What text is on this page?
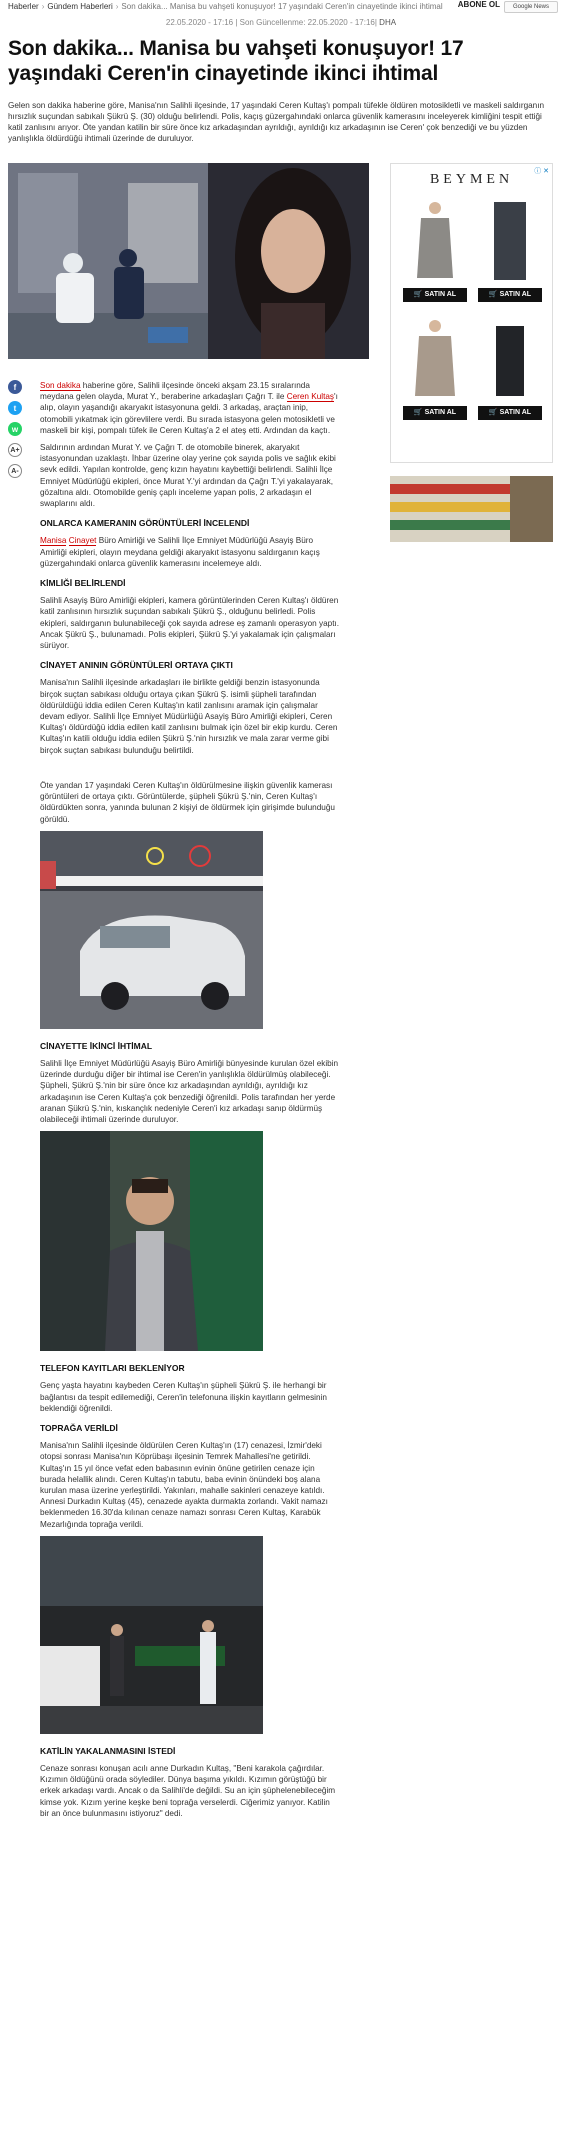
Haberler › Gündem Haberleri › Son dakika... Manisa bu vahşeti konuşuyor! 17 yaşındaki Ceren'in cinayetinde ikinci ihtimal	ABONE OL	Google News
22.05.2020 - 17:16 | Son Güncellenme: 22.05.2020 - 17:16| DHA
Son dakika... Manisa bu vahşeti konuşuyor! 17 yaşındaki Ceren'in cinayetinde ikinci ihtimal

Gelen son dakika haberine göre, Manisa'nın Salihli ilçesinde, 17 yaşındaki Ceren Kultaş'ı pompalı tüfekle öldüren motosikletli ve maskeli saldırganın hırsızlık suçundan sabıkalı Şükrü Ş. (30) olduğu belirlendi. Polis, kaçış güzergahındaki onlarca güvenlik kamerasını inceleyerek kimliğini tespit ettiği katil zanlısını arıyor. Öte yandan katilin bir süre önce kız arkadaşından ayrıldığı, ayrıldığı kız arkadaşının ise Ceren' çok benzediği ve bu yüzden yanlışlıkla öldürdüğü ihtimali üzerinde de duruluyor.

f
t
w
A+
A-

Son dakika haberine göre, Salihli ilçesinde önceki akşam 23.15 sıralarında meydana gelen olayda, Murat Y., beraberine arkadaşları Çağrı T. ile Ceren Kultaş'ı alıp, olayın yaşandığı akaryakıt istasyonuna geldi. 3 arkadaş, araçtan inip, otomobili yıkatmak için görevlilere verdi. Bu sırada istasyona gelen motosikletli ve maskeli bir kişi, pompalı tüfek ile Ceren Kultaş'a 2 el ateş etti. Ardından da kaçtı.

Saldırının ardından Murat Y. ve Çağrı T. de otomobile binerek, akaryakıt istasyonundan uzaklaştı. İhbar üzerine olay yerine çok sayıda polis ve sağlık ekibi sevk edildi. Yapılan kontrolde, genç kızın hayatını kaybettiği belirlendi. Salihli İlçe Emniyet Müdürlüğü ekipleri, önce Murat Y.'yi ardından da Çağrı T.'yi yakalayarak, gözaltına aldı. Otomobilde geniş çaplı inceleme yapan polis, 2 arkadaşın el swaplarını aldı.

ONLARCA KAMERANIN GÖRÜNTÜLERİ İNCELENDİ

Manisa Cinayet Büro Amirliği ve Salihli İlçe Emniyet Müdürlüğü Asayiş Büro Amirliği ekipleri, olayın meydana geldiği akaryakıt istasyonu saldırganın kaçış güzergahındaki onlarca güvenlik kamerasını incelemeye aldı.

KİMLİĞİ BELİRLENDİ

Salihli Asayiş Büro Amirliği ekipleri, kamera görüntülerinden Ceren Kultaş'ı öldüren katil zanlısının hırsızlık suçundan sabıkalı Şükrü Ş., olduğunu belirledi. Polis ekipleri, saldırganın bulunabileceği çok sayıda adrese eş zamanlı operasyon yaptı. Ancak Şükrü Ş., bulunamadı. Polis ekipleri, Şükrü Ş.'yi yakalamak için çalışmaları sürüyor.

CİNAYET ANININ GÖRÜNTÜLERİ ORTAYA ÇIKTI

Manisa'nın Salihli ilçesinde arkadaşları ile birlikte geldiği benzin istasyonunda birçok suçtan sabıkası olduğu ortaya çıkan Şükrü Ş. isimli şüpheli tarafından öldürüldüğü iddia edilen Ceren Kultaş'ın katil zanlısını aramak için çalışmalar devam ediyor. Salihli İlçe Emniyet Müdürlüğü Asayiş Büro Amirliği ekipleri, Ceren Kultaş'ı öldürdüğü iddia edilen katil zanlısını bulmak için özel bir ekip kurdu. Ceren Kultaş'ın katili olduğu iddia edilen Şükrü Ş.'nin hırsızlık ve mala zarar verme gibi birçok suçtan sabıkası bulunduğu belirtildi.

Öte yandan 17 yaşındaki Ceren Kultaş'ın öldürülmesine ilişkin güvenlik kamerası görüntüleri de ortaya çıktı. Görüntülerde, şüpheli Şükrü Ş.'nin, Ceren Kultaş'ı öldürdükten sonra, yanında bulunan 2 kişiyi de öldürmek için girişimde bulunduğu görüldü.

CİNAYETTE İKİNCİ İHTİMAL

Salihli İlçe Emniyet Müdürlüğü Asayiş Büro Amirliği bünyesinde kurulan özel ekibin üzerinde durduğu diğer bir ihtimal ise Ceren'in yanlışlıkla öldürülmüş olabileceği. Şüpheli, Şükrü Ş.'nin bir süre önce kız arkadaşından ayrıldığı, ayrıldığı kız arkadaşının ise Ceren Kultaş'a çok benzediği öğrenildi. Polis tarafından her yerde aranan Şükrü Ş.'nin, kıskançlık nedeniyle Ceren'i kız arkadaşı sanıp öldürmüş olabileceği ihtimali üzerinde duruluyor.

TELEFON KAYITLARI BEKLENİYOR

Genç yaşta hayatını kaybeden Ceren Kultaş'ın şüpheli Şükrü Ş. ile herhangi bir bağlantısı da tespit edilemediği, Ceren'in telefonuna ilişkin kayıtların gelmesinin beklendiği öğrenildi.

TOPRAĞA VERİLDİ

Manisa'nın Salihli ilçesinde öldürülen Ceren Kultaş'ın (17) cenazesi, İzmir'deki otopsi sonrası Manisa'nın Köprübaşı ilçesinin Temrek Mahallesi'ne getirildi. Kultaş'ın 15 yıl önce vefat eden babasının evinin önüne getirilen cenaze için burada helallik alındı. Ceren Kultaş'ın tabutu, baba evinin önündeki boş alana kurulan masa üzerine yerleştirildi. Yakınları, mahalle sakinleri cenazeye katıldı. Annesi Durkadın Kultaş (45), cenazede ayakta durmakta zorlandı. Vakit namazı beklenmeden 16.30'da kılınan cenaze namazı sonrası Ceren Kultaş, Karabük Mezarlığında toprağa verildi.

KATİLİN YAKALANMASINI İSTEDİ

Cenaze sonrası konuşan acılı anne Durkadın Kultaş, "Beni karakola çağırdılar. Kızımın öldüğünü orada söylediler. Dünya başıma yıkıldı. Kızımın görüştüğü bir erkek arkadaşı vardı. Ancak o da Salihli'de değildi. Su an için şüphelenebileceğim kimse yok. Kızım yerine keşke beni toprağa verselerdi. Ciğerimiz yanıyor. Katilin bir an önce bulunmasını istiyoruz" dedi.

ⓘ ✕
BEYMEN
🛒 SATIN AL	🛒 SATIN AL
🛒 SATIN AL	🛒 SATIN AL
